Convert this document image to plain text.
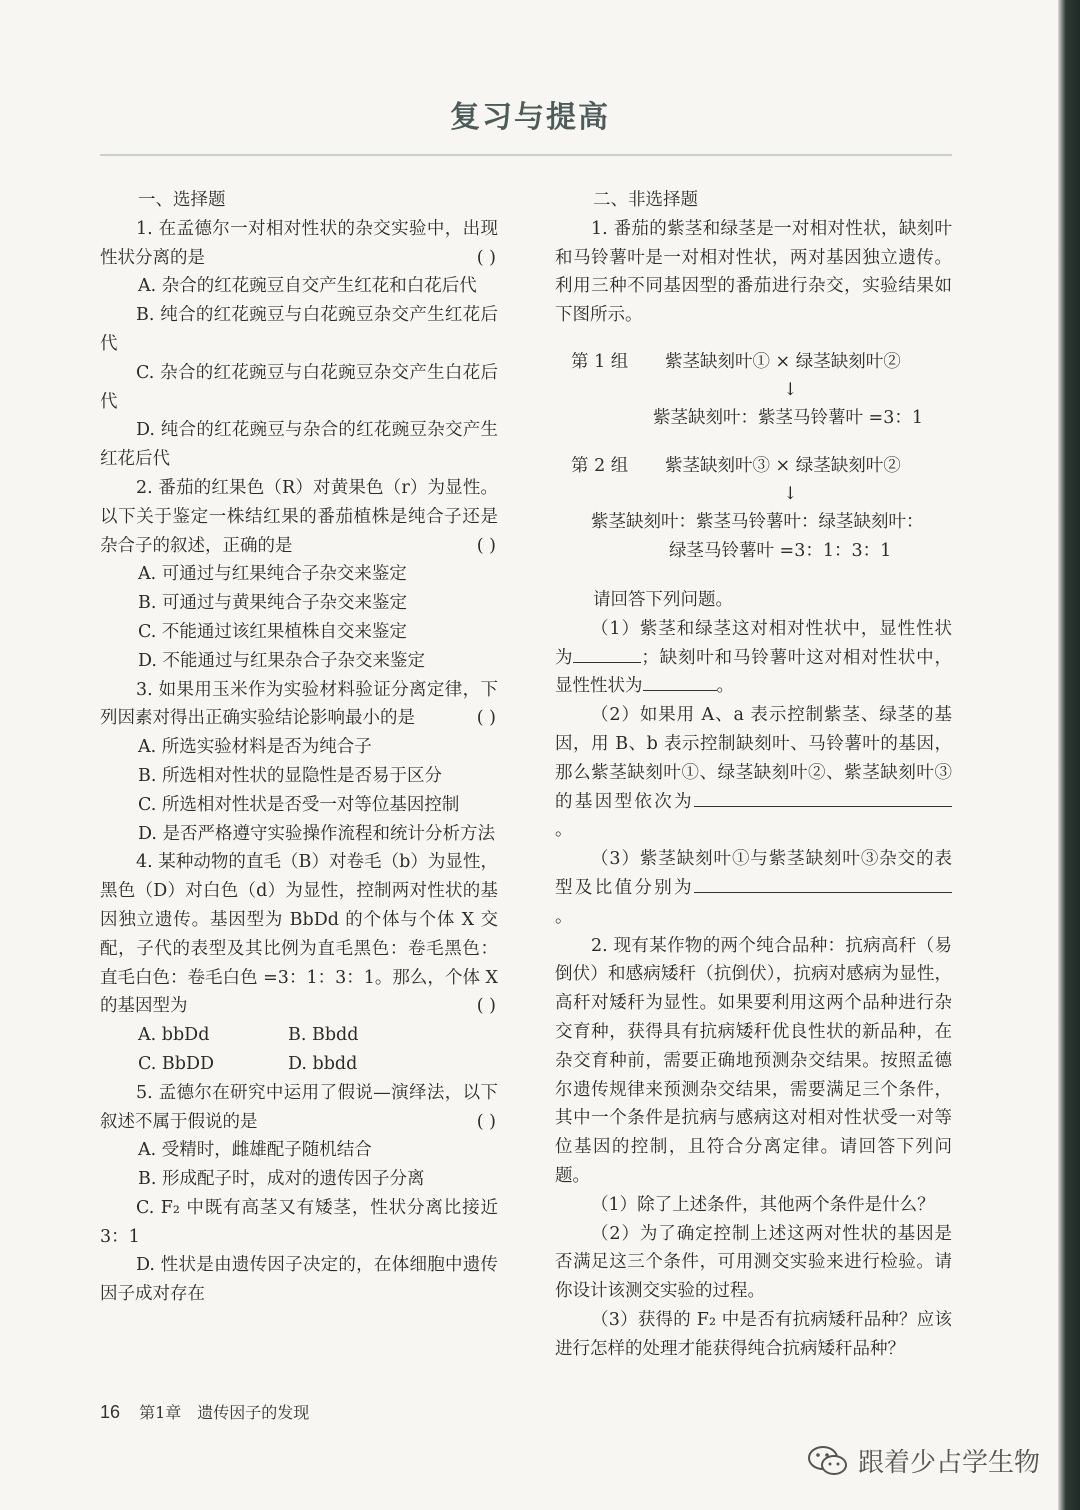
复习与提高

一、选择题

1. 在孟德尔一对相对性状的杂交实验中，出现性状分离的是	( )

A. 杂合的红花豌豆自交产生红花和白花后代

B. 纯合的红花豌豆与白花豌豆杂交产生红花后代

C. 杂合的红花豌豆与白花豌豆杂交产生白花后代

D. 纯合的红花豌豆与杂合的红花豌豆杂交产生红花后代

2. 番茄的红果色（R）对黄果色（r）为显性。以下关于鉴定一株结红果的番茄植株是纯合子还是杂合子的叙述，正确的是	( )

A. 可通过与红果纯合子杂交来鉴定

B. 可通过与黄果纯合子杂交来鉴定

C. 不能通过该红果植株自交来鉴定

D. 不能通过与红果杂合子杂交来鉴定

3. 如果用玉米作为实验材料验证分离定律，下列因素对得出正确实验结论影响最小的是	( )

A. 所选实验材料是否为纯合子

B. 所选相对性状的显隐性是否易于区分

C. 所选相对性状是否受一对等位基因控制

D. 是否严格遵守实验操作流程和统计分析方法

4. 某种动物的直毛（B）对卷毛（b）为显性，黑色（D）对白色（d）为显性，控制两对性状的基因独立遗传。基因型为 BbDd 的个体与个体 X 交配，子代的表型及其比例为直毛黑色：卷毛黑色：直毛白色：卷毛白色 =3：1：3：1。那么，个体 X 的基因型为	( )

A. bbDd	B. Bbdd
C. BbDD	D. bbdd

5. 孟德尔在研究中运用了假说—演绎法，以下叙述不属于假说的是	( )

A. 受精时，雌雄配子随机结合

B. 形成配子时，成对的遗传因子分离

C. F₂ 中既有高茎又有矮茎，性状分离比接近 3：1

D. 性状是由遗传因子决定的，在体细胞中遗传因子成对存在

二、非选择题

1. 番茄的紫茎和绿茎是一对相对性状，缺刻叶和马铃薯叶是一对相对性状，两对基因独立遗传。利用三种不同基因型的番茄进行杂交，实验结果如下图所示。

第 1 组 紫茎缺刻叶① × 绿茎缺刻叶②
↓
紫茎缺刻叶：紫茎马铃薯叶 =3：1
第 2 组 紫茎缺刻叶③ × 绿茎缺刻叶②
↓
紫茎缺刻叶：紫茎马铃薯叶：绿茎缺刻叶：
绿茎马铃薯叶 =3：1：3：1

请回答下列问题。

（1）紫茎和绿茎这对相对性状中，显性性状为	；缺刻叶和马铃薯叶这对相对性状中，显性性状为	。

（2）如果用 A、a 表示控制紫茎、绿茎的基因，用 B、b 表示控制缺刻叶、马铃薯叶的基因，那么紫茎缺刻叶①、绿茎缺刻叶②、紫茎缺刻叶③的基因型依次为。

（3）紫茎缺刻叶①与紫茎缺刻叶③杂交的表型及比值分别为。

2. 现有某作物的两个纯合品种：抗病高秆（易倒伏）和感病矮秆（抗倒伏），抗病对感病为显性，高秆对矮秆为显性。如果要利用这两个品种进行杂交育种，获得具有抗病矮秆优良性状的新品种，在杂交育种前，需要正确地预测杂交结果。按照孟德尔遗传规律来预测杂交结果，需要满足三个条件，其中一个条件是抗病与感病这对相对性状受一对等位基因的控制，且符合分离定律。请回答下列问题。

（1）除了上述条件，其他两个条件是什么？

（2）为了确定控制上述这两对性状的基因是否满足这三个条件，可用测交实验来进行检验。请你设计该测交实验的过程。

（3）获得的 F₂ 中是否有抗病矮秆品种？应该进行怎样的处理才能获得纯合抗病矮秆品种？

16 第1章　遗传因子的发现
跟着少占学生物
